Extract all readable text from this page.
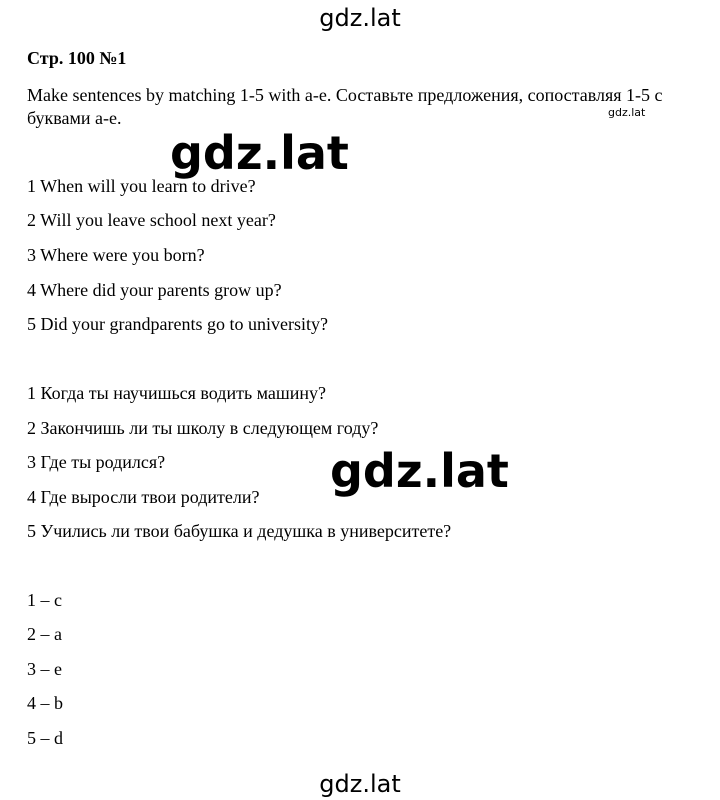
gdz.lat
gdz.lat
Стр. 100 №1
Make sentences by matching 1-5 with a-e. Составьте предложения, сопоставляя 1-5 с буквами a-e.
1 When will you learn to drive?
2 Will you leave school next year?
3 Where were you born?
4 Where did your parents grow up?
5 Did your grandparents go to university?
1 Когда ты научишься водить машину?
2 Закончишь ли ты школу в следующем году?
3 Где ты родился?
4 Где выросли твои родители?
5 Учились ли твои бабушка и дедушка в университете?
1 – c
2 – a
3 – e
4 – b
5 – d
gdz.lat
gdz.lat
gdz.lat
